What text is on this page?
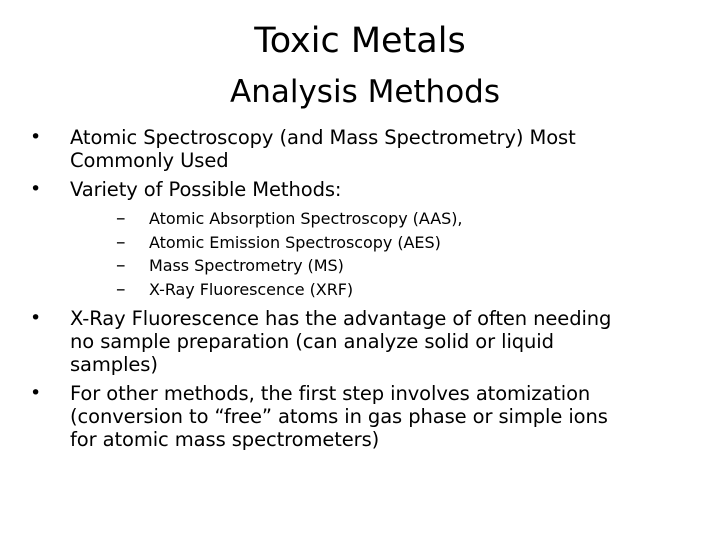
Toxic Metals
Analysis Methods
• Atomic Spectroscopy (and Mass Spectrometry) Most
Commonly Used
• Variety of Possible Methods:
– Atomic Absorption Spectroscopy (AAS),
– Atomic Emission Spectroscopy (AES)
– Mass Spectrometry (MS)
– X-Ray Fluorescence (XRF)
• X-Ray Fluorescence has the advantage of often needing
no sample preparation (can analyze solid or liquid
samples)
• For other methods, the first step involves atomization
(conversion to “free” atoms in gas phase or simple ions
for atomic mass spectrometers)
